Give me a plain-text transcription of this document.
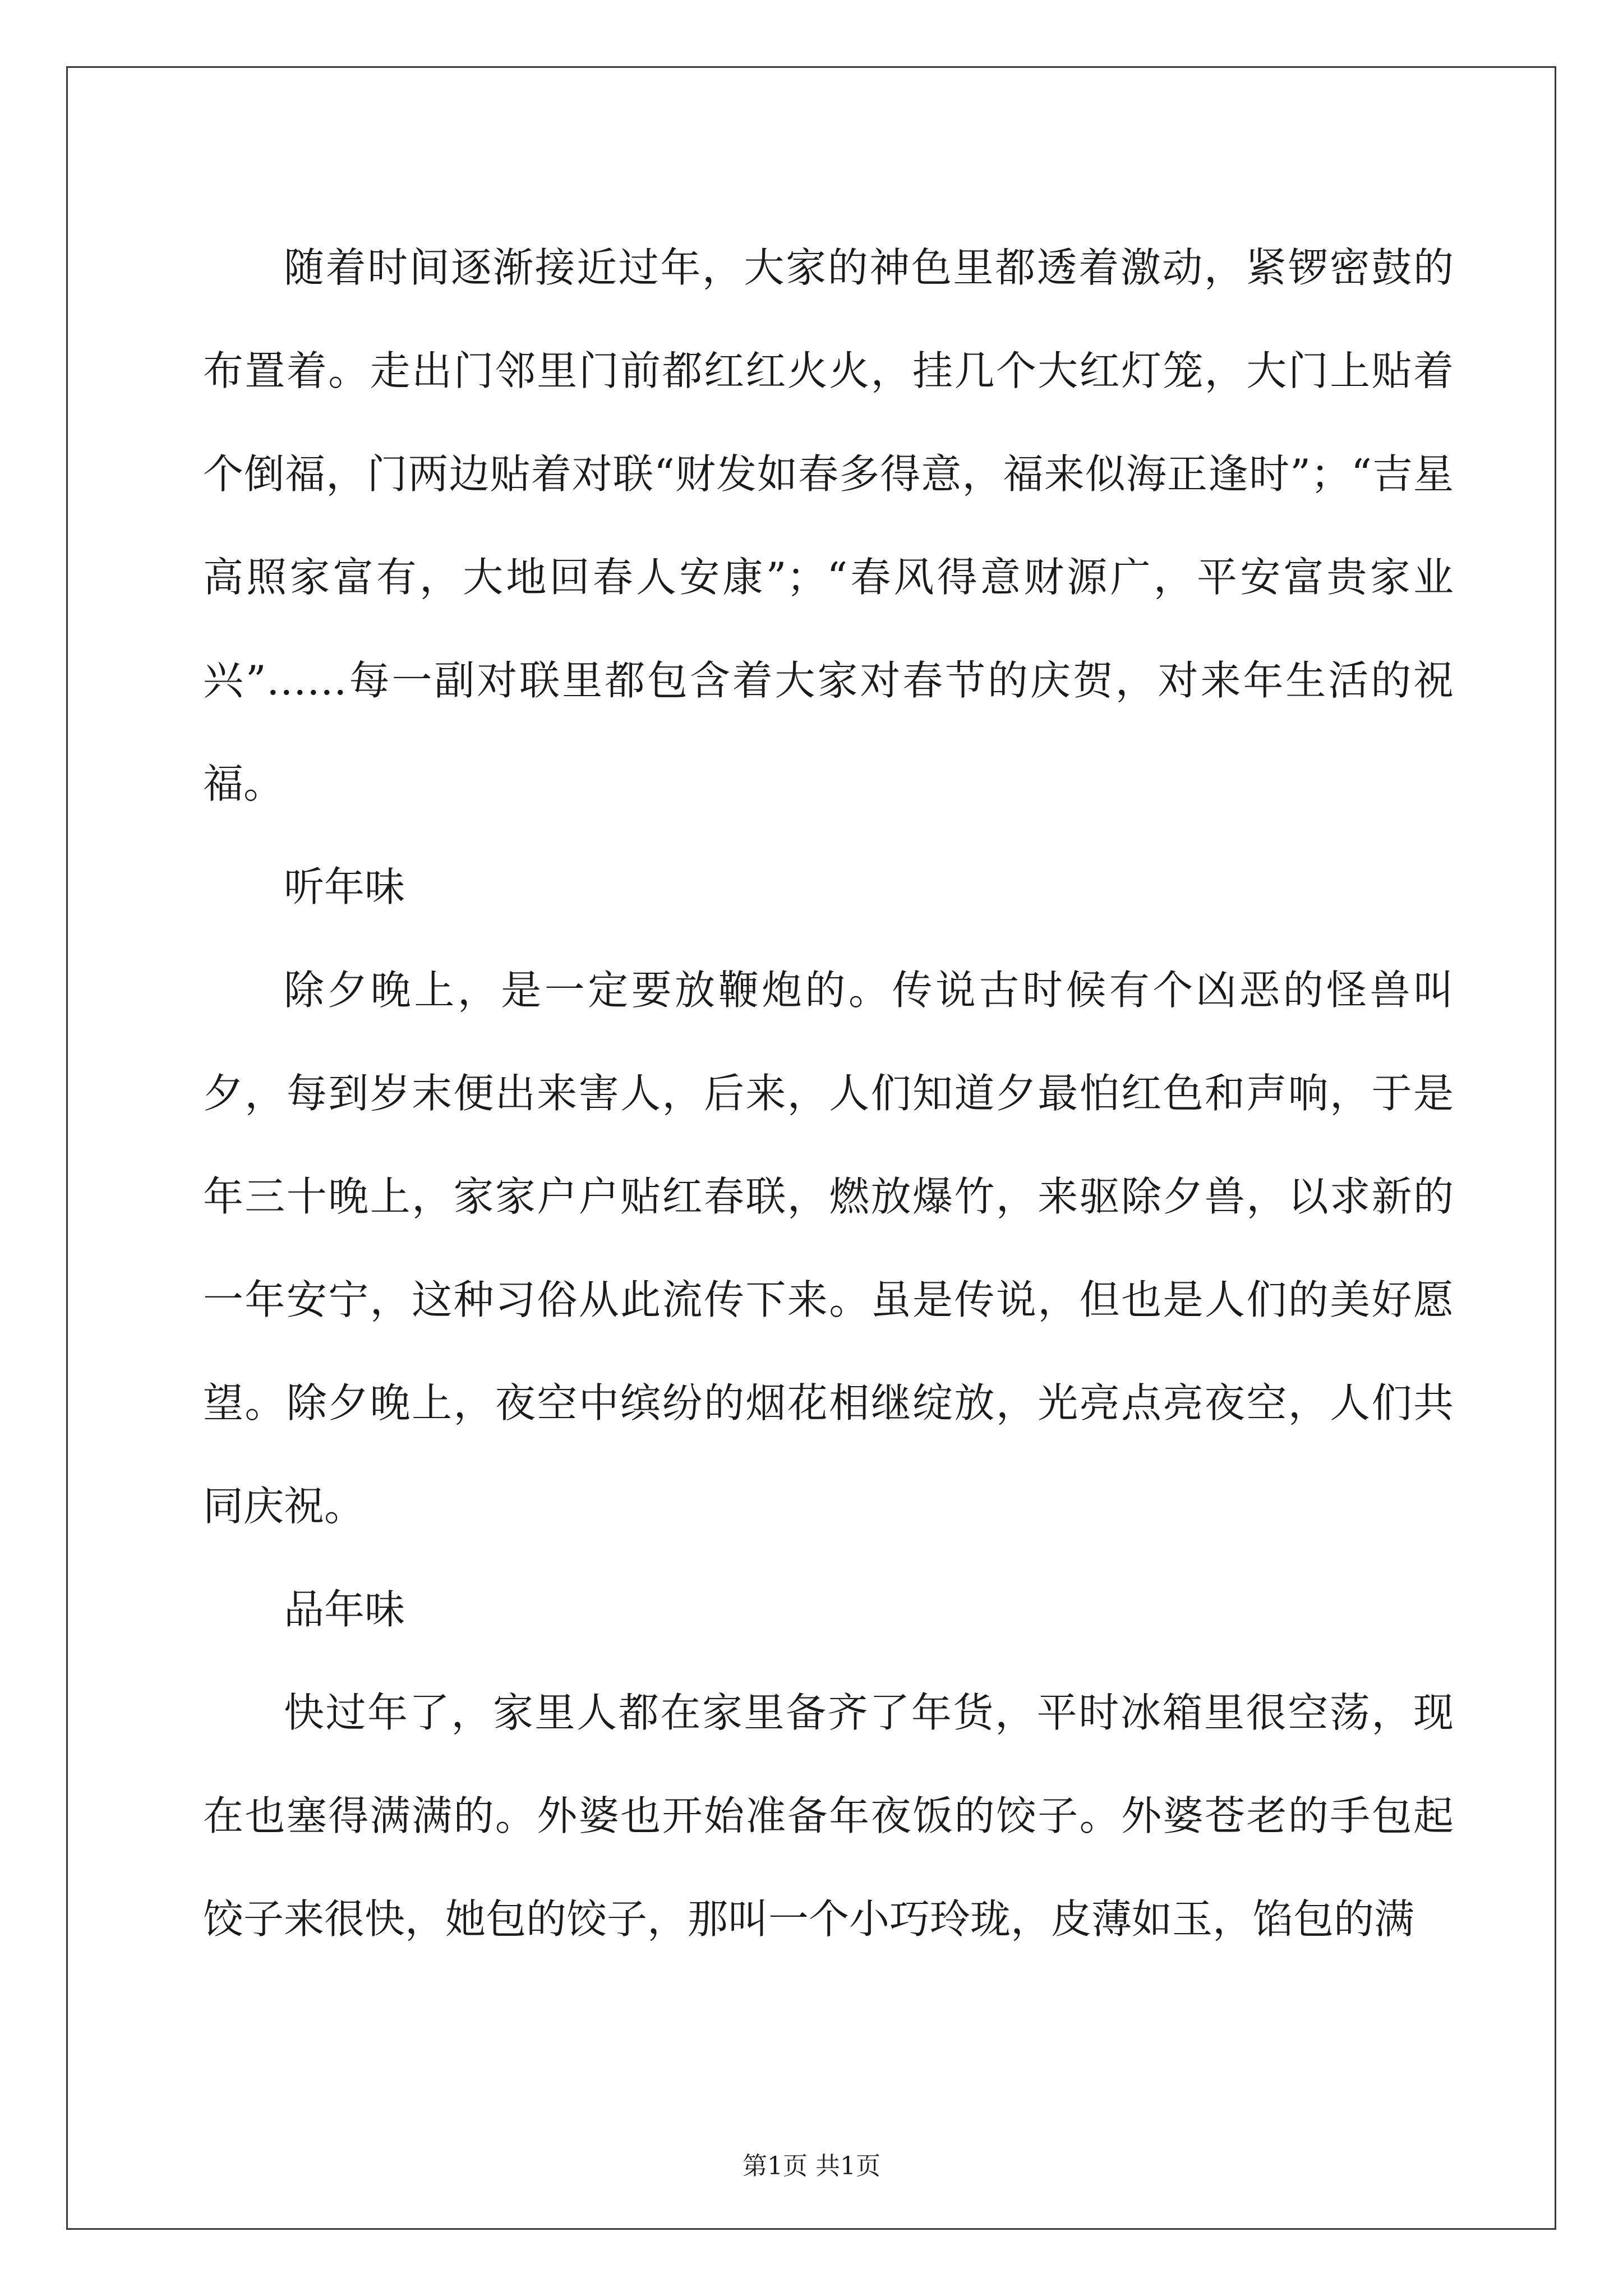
随着时间逐渐接近过年，大家的神色里都透着激动，紧锣密鼓的布置着。走出门邻里门前都红红火火，挂几个大红灯笼，大门上贴着个倒福，门两边贴着对联“财发如春多得意，福来似海正逢时”；“吉星高照家富有，大地回春人安康”；“春风得意财源广，平安富贵家业兴”……每一副对联里都包含着大家对春节的庆贺，对来年生活的祝福。

听年味

除夕晚上，是一定要放鞭炮的。传说古时候有个凶恶的怪兽叫夕，每到岁末便出来害人，后来，人们知道夕最怕红色和声响，于是年三十晚上，家家户户贴红春联，燃放爆竹，来驱除夕兽，以求新的一年安宁，这种习俗从此流传下来。虽是传说，但也是人们的美好愿望。除夕晚上，夜空中缤纷的烟花相继绽放，光亮点亮夜空，人们共同庆祝。

品年味

快过年了，家里人都在家里备齐了年货，平时冰箱里很空荡，现在也塞得满满的。外婆也开始准备年夜饭的饺子。外婆苍老的手包起饺子来很快，她包的饺子，那叫一个小巧玲珑，皮薄如玉，馅包的满

第1页 共1页
